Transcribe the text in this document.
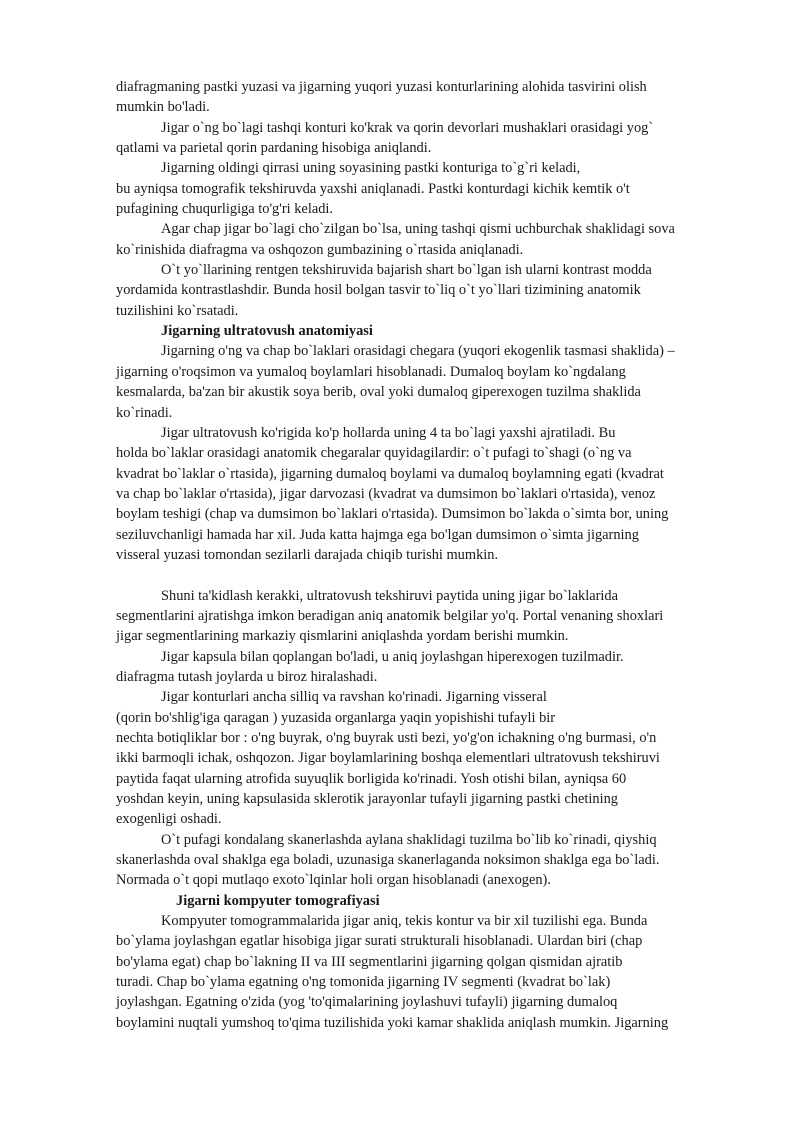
diafragmaning pastki yuzasi va jigarning yuqori yuzasi konturlarining alohida tasvirini olish
mumkin bo'ladi.
Jigar o`ng bo`lagi tashqi konturi ko'krak va qorin devorlari mushaklari orasidagi yog`
qatlami va parietal qorin pardaning hisobiga aniqlandi.
Jigarning oldingi qirrasi uning soyasining pastki konturiga to`g`ri keladi,
bu ayniqsa tomografik tekshiruvda yaxshi aniqlanadi. Pastki konturdagi kichik kemtik o't
pufagining chuqurligiga to'g'ri keladi.
Agar chap jigar bo`lagi cho`zilgan bo`lsa, uning tashqi qismi uchburchak shaklidagi sova
ko`rinishida diafragma va oshqozon gumbazining o`rtasida aniqlanadi.
O`t yo`llarining rentgen tekshiruvida bajarish shart bo`lgan ish ularni kontrast modda
yordamida kontrastlashdir. Bunda hosil bolgan tasvir to`liq o`t yo`llari tizimining anatomik
tuzilishini ko`rsatadi.
Jigarning ultratovush anatomiyasi
Jigarning o'ng va chap bo`laklari orasidagi chegara (yuqori ekogenlik tasmasi shaklida) –
jigarning o'roqsimon va yumaloq boylamlari hisoblanadi. Dumaloq boylam ko`ngdalang
kesmalarda, ba'zan bir akustik soya berib, oval yoki dumaloq giperexogen tuzilma shaklida
ko`rinadi.
Jigar ultratovush ko'rigida ko'p hollarda uning 4 ta bo`lagi yaxshi ajratiladi. Bu
holda bo`laklar orasidagi anatomik chegaralar quyidagilardir: o`t pufagi to`shagi (o`ng va
kvadrat bo`laklar o`rtasida), jigarning dumaloq boylami va dumaloq boylamning egati (kvadrat
va chap bo`laklar o'rtasida), jigar darvozasi (kvadrat va dumsimon bo`laklari o'rtasida), venoz
boylam teshigi (chap va dumsimon bo`laklari o'rtasida). Dumsimon bo`lakda o`simta bor, uning
seziluvchanligi hamada har xil. Juda katta hajmga ega bo'lgan dumsimon o`simta jigarning
visseral yuzasi tomondan sezilarli darajada chiqib turishi mumkin.
Shuni ta'kidlash kerakki, ultratovush tekshiruvi paytida uning jigar bo`laklarida
segmentlarini ajratishga imkon beradigan aniq anatomik belgilar yo'q. Portal venaning shoxlari
jigar segmentlarining markaziy qismlarini aniqlashda yordam berishi mumkin.
Jigar kapsula bilan qoplangan bo'ladi, u aniq joylashgan hiperexogen tuzilmadir.
diafragma tutash joylarda u biroz hiralashadi.
Jigar konturlari ancha silliq va ravshan ko'rinadi. Jigarning visseral
(qorin bo'shlig'iga qaragan ) yuzasida organlarga yaqin yopishishi tufayli bir
nechta botiqliklar bor : o'ng buyrak, o'ng buyrak usti bezi, yo'g'on ichakning o'ng burmasi, o'n
ikki barmoqli ichak, oshqozon. Jigar boylamlarining boshqa elementlari ultratovush tekshiruvi
paytida faqat ularning atrofida suyuqlik borligida ko'rinadi. Yosh otishi bilan, ayniqsa 60
yoshdan keyin, uning kapsulasida sklerotik jarayonlar tufayli jigarning pastki chetining
exogenligi oshadi.
O`t pufagi kondalang skanerlashda aylana shaklidagi tuzilma bo`lib ko`rinadi, qiyshiq
skanerlashda oval shaklga ega boladi, uzunasiga skanerlaganda noksimon shaklga ega bo`ladi.
Normada o`t qopi mutlaqo exoto`lqinlar holi organ hisoblanadi (anexogen).
Jigarni kompyuter tomografiyasi
Kompyuter tomogrammalarida jigar aniq, tekis kontur va bir xil tuzilishi ega. Bunda
bo`ylama joylashgan egatlar hisobiga jigar surati strukturali hisoblanadi. Ulardan biri (chap
bo'ylama egat) chap bo`lakning II va III segmentlarini jigarning qolgan qismidan ajratib
turadi. Chap bo`ylama egatning o'ng tomonida jigarning IV segmenti (kvadrat bo`lak)
joylashgan. Egatning o'zida (yog 'to'qimalarining joylashuvi tufayli) jigarning dumaloq
boylamini nuqtali yumshoq to'qima tuzilishida yoki kamar shaklida aniqlash mumkin. Jigarning
